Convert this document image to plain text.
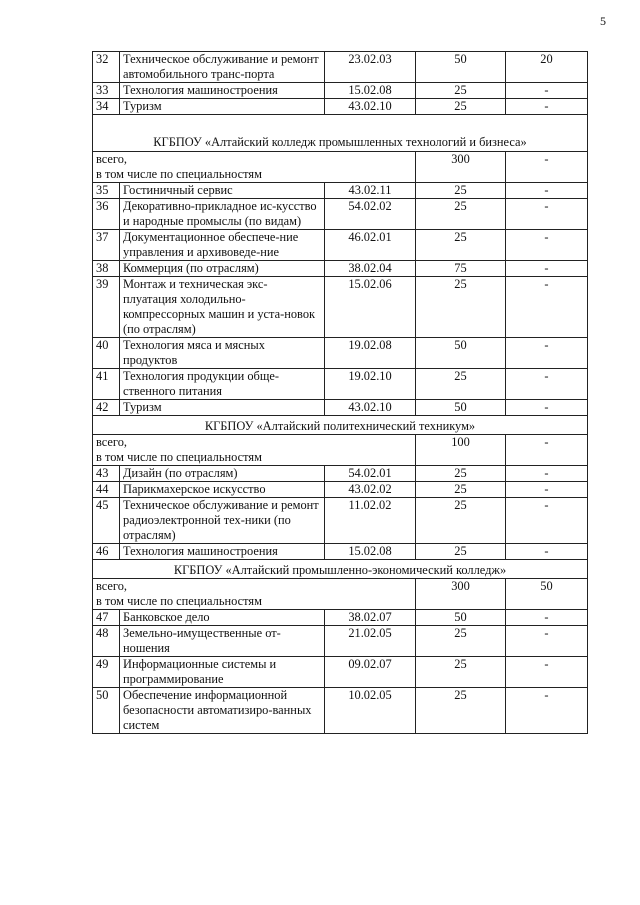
5
32	Техническое обслуживание и ремонт автомобильного транс-порта	23.02.03	50	20
33	Технология машиностроения	15.02.08	25	-
34	Туризм	43.02.10	25	-
КГБПОУ «Алтайский колледж промышленных технологий и бизнеса»				

всего,
в том числе по специальностям			300	-
35	Гостиничный сервис	43.02.11	25	-
36	Декоративно-прикладное ис-кусство и народные промыслы (по видам)	54.02.02	25	-
37	Документационное обеспече-ние управления и архивоведе-ние	46.02.01	25	-
38	Коммерция (по отраслям)	38.02.04	75	-
39	Монтаж и техническая экс-плуатация холодильно-компрессорных машин и уста-новок (по отраслям)	15.02.06	25	-
40	Технология мяса и мясных продуктов	19.02.08	50	-
41	Технология продукции обще-ственного питания	19.02.10	25	-
42	Туризм	43.02.10	50	-
КГБПОУ «Алтайский политехнический техникум»				

всего,
в том числе по специальностям			100	-
43	Дизайн (по отраслям)	54.02.01	25	-
44	Парикмахерское искусство	43.02.02	25	-
45	Техническое обслуживание и ремонт радиоэлектронной тех-ники (по отраслям)	11.02.02	25	-
46	Технология машиностроения	15.02.08	25	-
КГБПОУ «Алтайский промышленно-экономический колледж»				

всего,
в том числе по специальностям			300	50
47	Банковское дело	38.02.07	50	-
48	Земельно-имущественные от-ношения	21.02.05	25	-
49	Информационные системы и программирование	09.02.07	25	-
50	Обеспечение информационной безопасности автоматизиро-ванных систем	10.02.05	25	-
